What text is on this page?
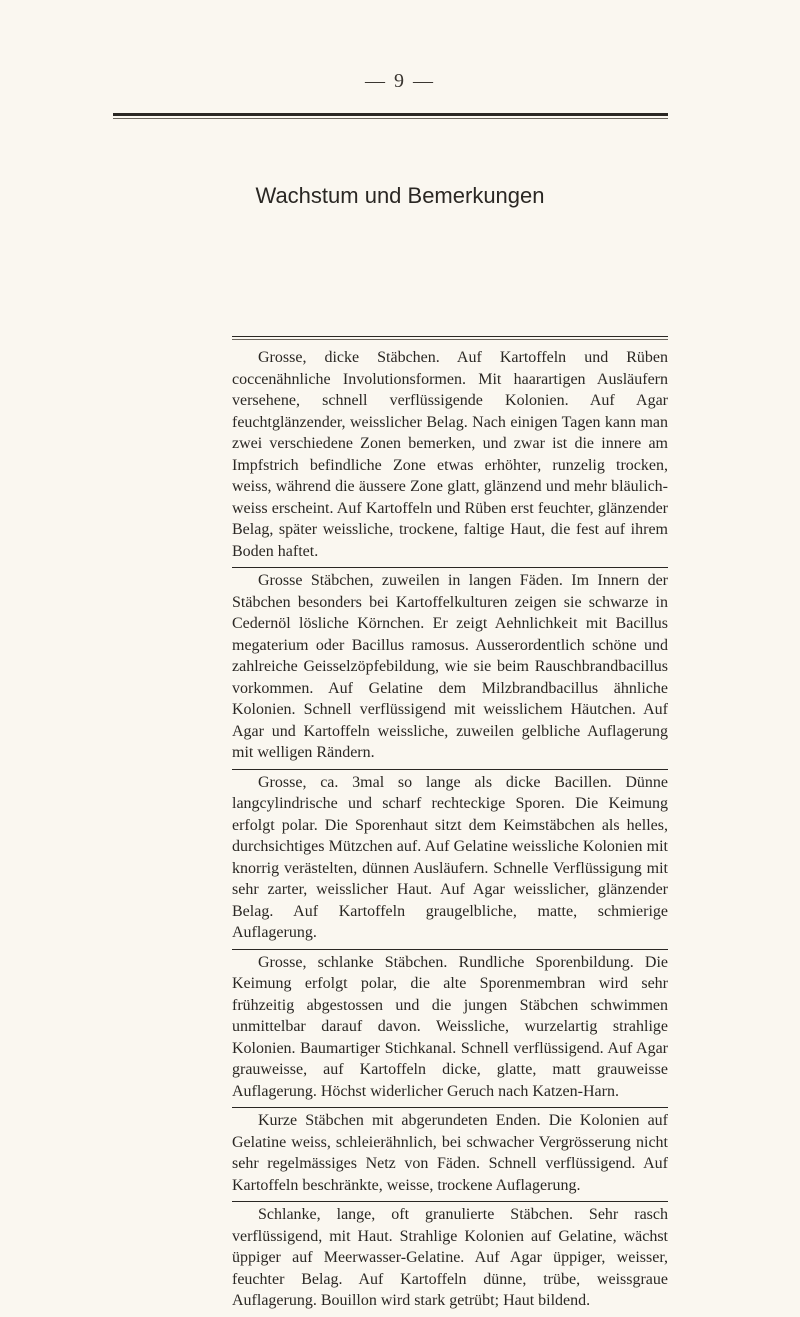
— 9 —
Wachstum und Bemerkungen

Grosse, dicke Stäbchen. Auf Kartoffeln und Rüben coccenähnliche Involutionsformen. Mit haarartigen Ausläufern versehene, schnell verflüssigende Kolonien. Auf Agar feuchtglänzender, weisslicher Belag. Nach einigen Tagen kann man zwei verschiedene Zonen bemerken, und zwar ist die innere am Impfstrich befindliche Zone etwas erhöhter, runzelig trocken, weiss, während die äussere Zone glatt, glänzend und mehr bläulich-weiss erscheint. Auf Kartoffeln und Rüben erst feuchter, glänzender Belag, später weissliche, trockene, faltige Haut, die fest auf ihrem Boden haftet.

Grosse Stäbchen, zuweilen in langen Fäden. Im Innern der Stäbchen besonders bei Kartoffelkulturen zeigen sie schwarze in Cedernöl lösliche Körnchen. Er zeigt Aehnlichkeit mit Bacillus megaterium oder Bacillus ramosus. Ausserordentlich schöne und zahlreiche Geisselzöpfebildung, wie sie beim Rauschbrandbacillus vorkommen. Auf Gelatine dem Milzbrandbacillus ähnliche Kolonien. Schnell verflüssigend mit weisslichem Häutchen. Auf Agar und Kartoffeln weissliche, zuweilen gelbliche Auflagerung mit welligen Rändern.

Grosse, ca. 3mal so lange als dicke Bacillen. Dünne langcylindrische und scharf rechteckige Sporen. Die Keimung erfolgt polar. Die Sporenhaut sitzt dem Keimstäbchen als helles, durchsichtiges Mützchen auf. Auf Gelatine weissliche Kolonien mit knorrig verästelten, dünnen Ausläufern. Schnelle Verflüssigung mit sehr zarter, weisslicher Haut. Auf Agar weisslicher, glänzender Belag. Auf Kartoffeln graugelbliche, matte, schmierige Auflagerung.

Grosse, schlanke Stäbchen. Rundliche Sporenbildung. Die Keimung erfolgt polar, die alte Sporenmembran wird sehr frühzeitig abgestossen und die jungen Stäbchen schwimmen unmittelbar darauf davon. Weissliche, wurzelartig strahlige Kolonien. Baumartiger Stichkanal. Schnell verflüssigend. Auf Agar grauweisse, auf Kartoffeln dicke, glatte, matt grauweisse Auflagerung. Höchst widerlicher Geruch nach Katzen-Harn.

Kurze Stäbchen mit abgerundeten Enden. Die Kolonien auf Gelatine weiss, schleierähnlich, bei schwacher Vergrösserung nicht sehr regelmässiges Netz von Fäden. Schnell verflüssigend. Auf Kartoffeln beschränkte, weisse, trockene Auflagerung.

Schlanke, lange, oft granulierte Stäbchen. Sehr rasch verflüssigend, mit Haut. Strahlige Kolonien auf Gelatine, wächst üppiger auf Meerwasser-Gelatine. Auf Agar üppiger, weisser, feuchter Belag. Auf Kartoffeln dünne, trübe, weissgraue Auflagerung. Bouillon wird stark getrübt; Haut bildend.
